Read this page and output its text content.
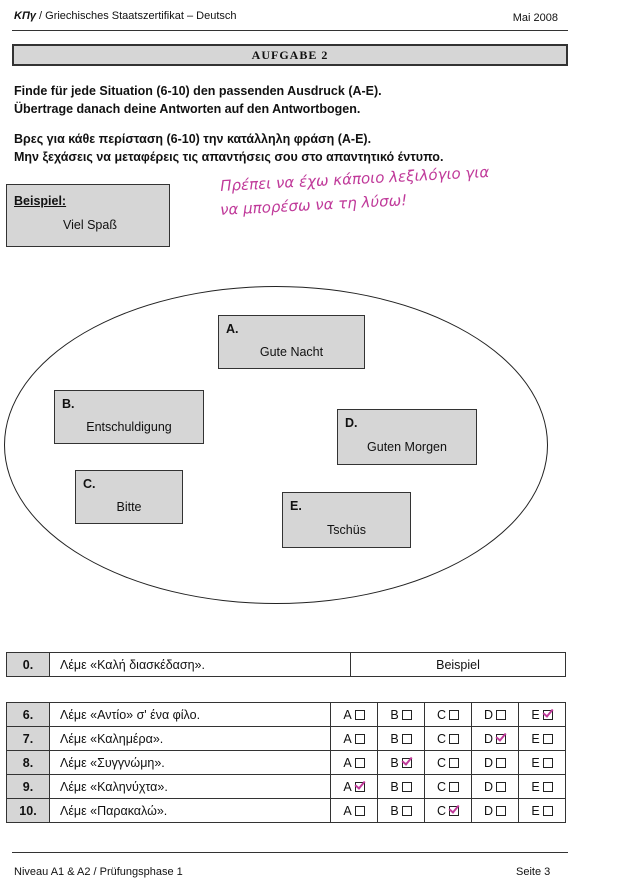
ΚΠγ / Griechisches Staatszertifikat – Deutsch	Mai 2008
AUFGABE 2
Finde für jede Situation (6-10) den passenden Ausdruck (A-E).
Übertrage danach deine Antworten auf den Antwortbogen.
Βρες για κάθε περίσταση (6-10) την κατάλληλη φράση (A-E).
Μην ξεχάσεις να μεταφέρεις τις απαντήσεις σου στο απαντητικό έντυπο.
Beispiel:
Viel Spaß
Πρέπει να έχω κάποιο λεξιλόγιο για
να μπορέσω να τη λύσω!
A.
Gute Nacht
B.
Entschuldigung
C.
Bitte
D.
Guten Morgen
E.
Tschüs
0.	Λέμε «Καλή διασκέδαση».	Beispiel
6.	Λέμε «Αντίο» σ' ένα φίλο.	A	B	C	D	E
7.	Λέμε «Καλημέρα».	A	B	C	D	E
8.	Λέμε «Συγγνώμη».	A	B	C	D	E
9.	Λέμε «Καληνύχτα».	A	B	C	D	E
10.	Λέμε «Παρακαλώ».	A	B	C	D	E
Niveau A1 & A2 / Prüfungsphase 1	Seite 3
